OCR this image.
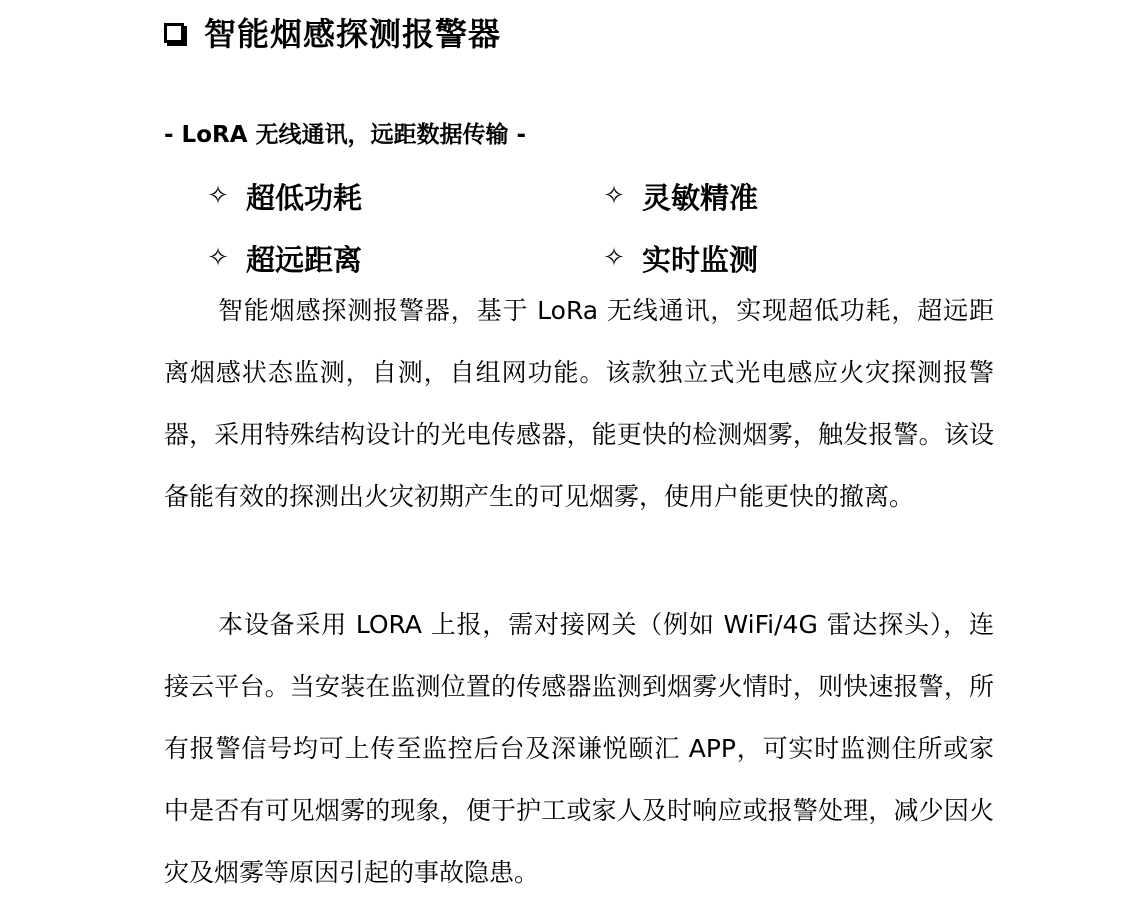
智能烟感探测报警器
- LoRA 无线通讯，远距数据传输 -
✧ 超低功耗	✧ 灵敏精准
✧ 超远距离	✧ 实时监测

智能烟感探测报警器，基于 LoRa 无线通讯，实现超低功耗，超远距离烟感状态监测，自测，自组网功能。该款独立式光电感应火灾探测报警器，采用特殊结构设计的光电传感器，能更快的检测烟雾，触发报警。该设备能有效的探测出火灾初期产生的可见烟雾，使用户能更快的撤离。

本设备采用 LORA 上报，需对接网关（例如 WiFi/4G 雷达探头），连接云平台。当安装在监测位置的传感器监测到烟雾火情时，则快速报警，所有报警信号均可上传至监控后台及深谦悦颐汇 APP，可实时监测住所或家中是否有可见烟雾的现象，便于护工或家人及时响应或报警处理，减少因火灾及烟雾等原因引起的事故隐患。
